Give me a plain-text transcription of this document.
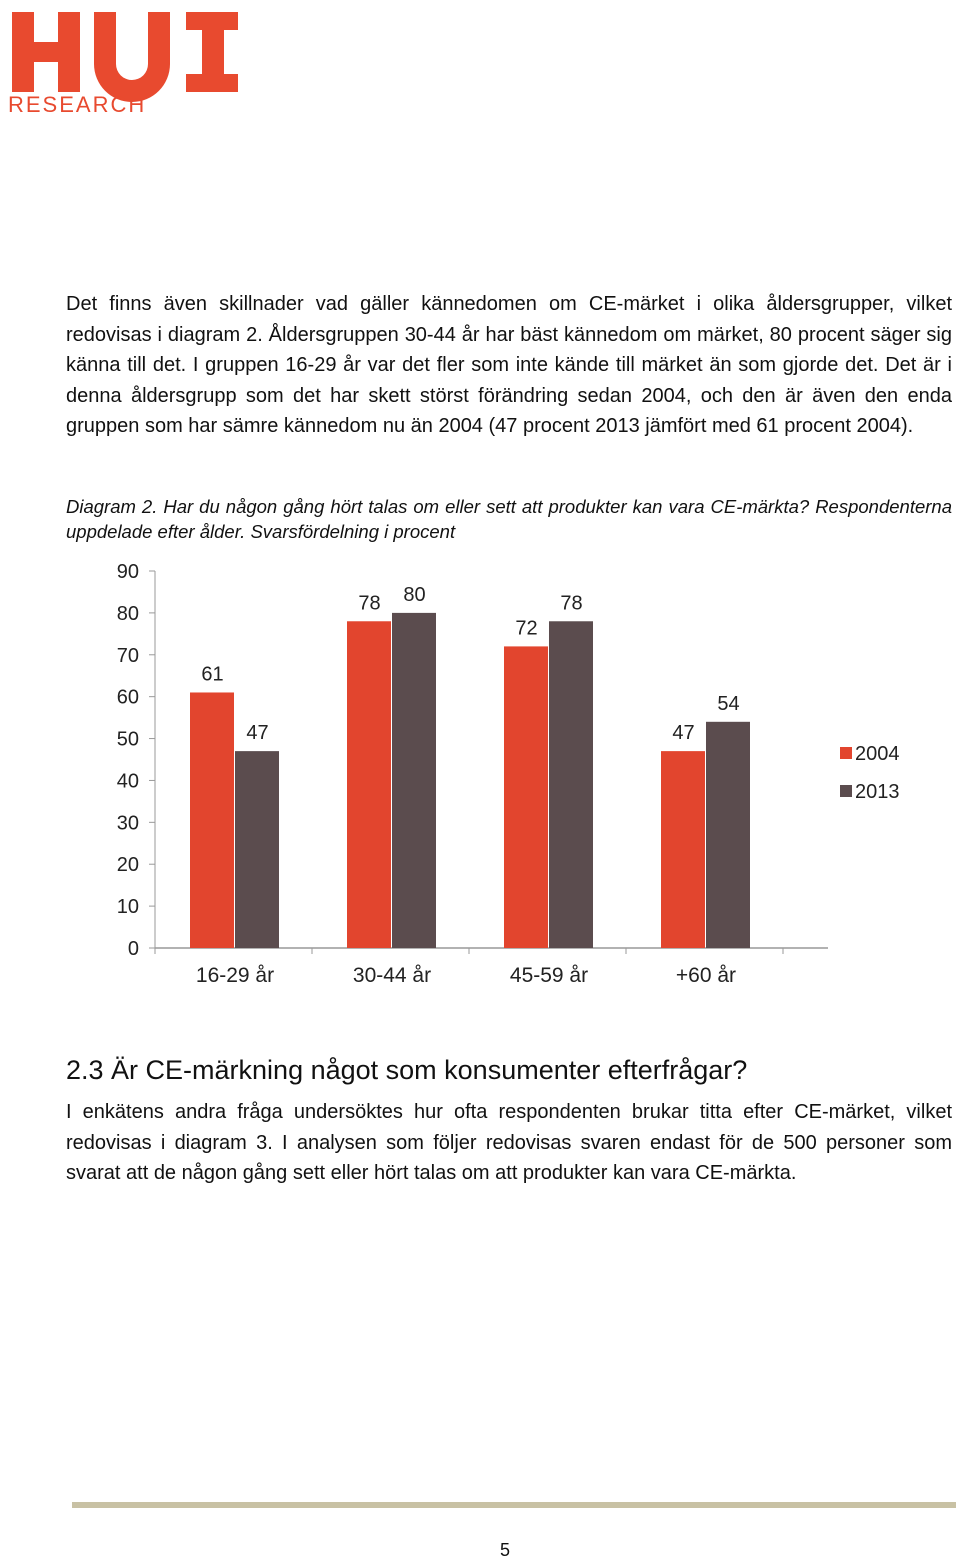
RESEARCH

Det finns även skillnader vad gäller kännedomen om CE-märket i olika åldersgrupper, vilket redovisas i diagram 2. Åldersgruppen 30-44 år har bäst kännedom om märket, 80 procent säger sig känna till det. I gruppen 16-29 år var det fler som inte kände till märket än som gjorde det. Det är i denna åldersgrupp som det har skett störst förändring sedan 2004, och den är även den enda gruppen som har sämre kännedom nu än 2004 (47 procent 2013 jämfört med 61 procent 2004).

Diagram 2. Har du någon gång hört talas om eller sett att produkter kan vara CE-märkta? Respondenterna uppdelade efter ålder. Svarsfördelning i procent

0
10
20
30
40
50
60
70
80
90
61
47
16-29 år
78 80
30-44 år
72
78
45-59 år
47
54
+60 år
2004
2013
2.3 Är CE-märkning något som konsumenter efterfrågar?

I enkätens andra fråga undersöktes hur ofta respondenten brukar titta efter CE-märket, vilket redovisas i diagram 3. I analysen som följer redovisas svaren endast för de 500 personer som svarat att de någon gång sett eller hört talas om att produkter kan vara CE-märkta.

5
